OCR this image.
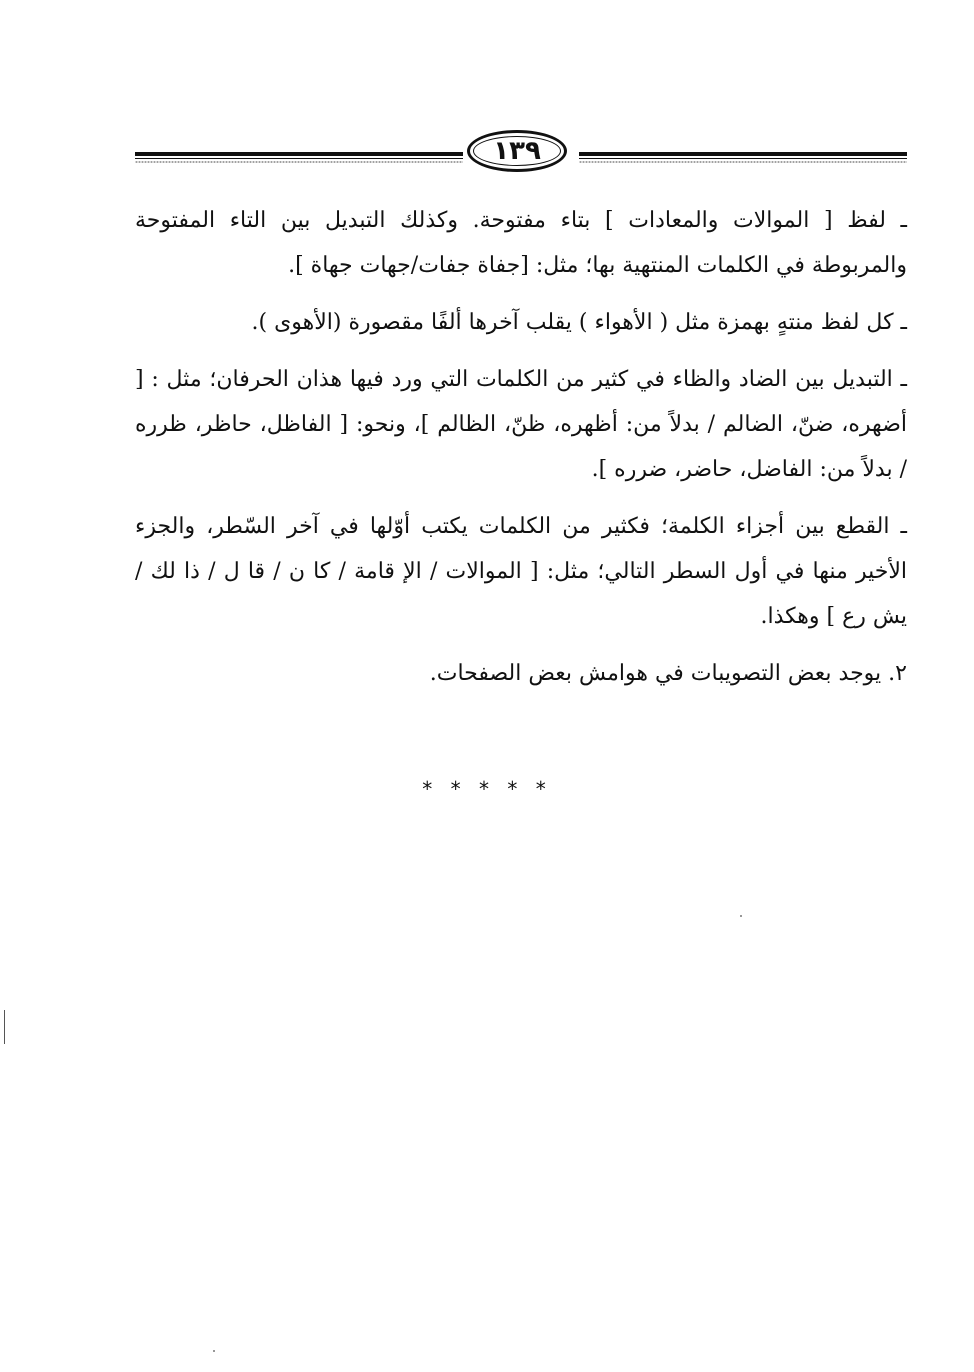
١٣٩

ـ لفظ [ الموالات والمعادات ] بتاء مفتوحة. وكذلك التبديل بين التاء المفتوحة والمربوطة في الكلمات المنتهية بها؛ مثل: [جفاة جفات/جهات جهاة ].

ـ كل لفظ منتهٍ بهمزة مثل ( الأهواء ) يقلب آخرها ألفًا مقصورة (الأهوى ).

ـ التبديل بين الضاد والظاء في كثير من الكلمات التي ورد فيها هذان الحرفان؛ مثل : [ أضهره، ضنّ، الضالم / بدلاً من: أظهره، ظنّ، الظالم ]، ونحو: [ الفاظل، حاظر، ظرره / بدلاً من: الفاضل، حاضر، ضرره ].

ـ القطع بين أجزاء الكلمة؛ فكثير من الكلمات يكتب أوّلها في آخر السّطر، والجزء الأخير منها في أول السطر التالي؛ مثل: [ المواﻻت / الإ قامة / كا ن / قا ل / ذا لك / يش رع ] وهكذا.

٢. يوجد بعض التصويبات في هوامش بعض الصفحات.

* * * * *
